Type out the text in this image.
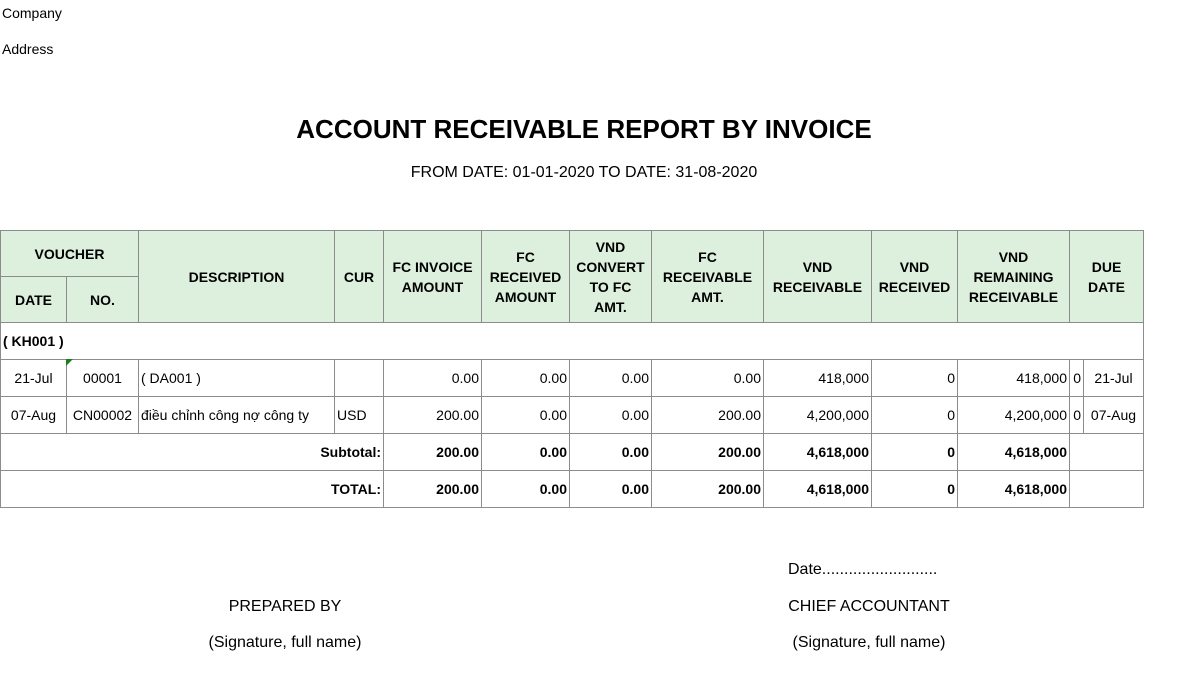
Company
Address
ACCOUNT RECEIVABLE REPORT BY INVOICE
FROM DATE: 01-01-2020 TO DATE: 31-08-2020
VOUCHER		DESCRIPTION	CUR	FC INVOICE AMOUNT	FC RECEIVED AMOUNT	VND CONVERT TO FC AMT.	FC RECEIVABLE AMT.	VND RECEIVABLE	VND RECEIVED	VND REMAINING RECEIVABLE	DUE DATE	
DATE	NO.											
( KH001 )												
21-Jul	00001	( DA001 )		0.00	0.00	0.00	0.00	418,000	0	418,000	0	21-Jul
07-Aug	CN00002	điều chỉnh công nợ công ty	USD	200.00	0.00	0.00	200.00	4,200,000	0	4,200,000	0	07-Aug
Subtotal:				200.00	0.00	0.00	200.00	4,618,000	0	4,618,000		
TOTAL:				200.00	0.00	0.00	200.00	4,618,000	0	4,618,000		
Date..........................
PREPARED BY
(Signature, full name)
CHIEF ACCOUNTANT
(Signature, full name)
